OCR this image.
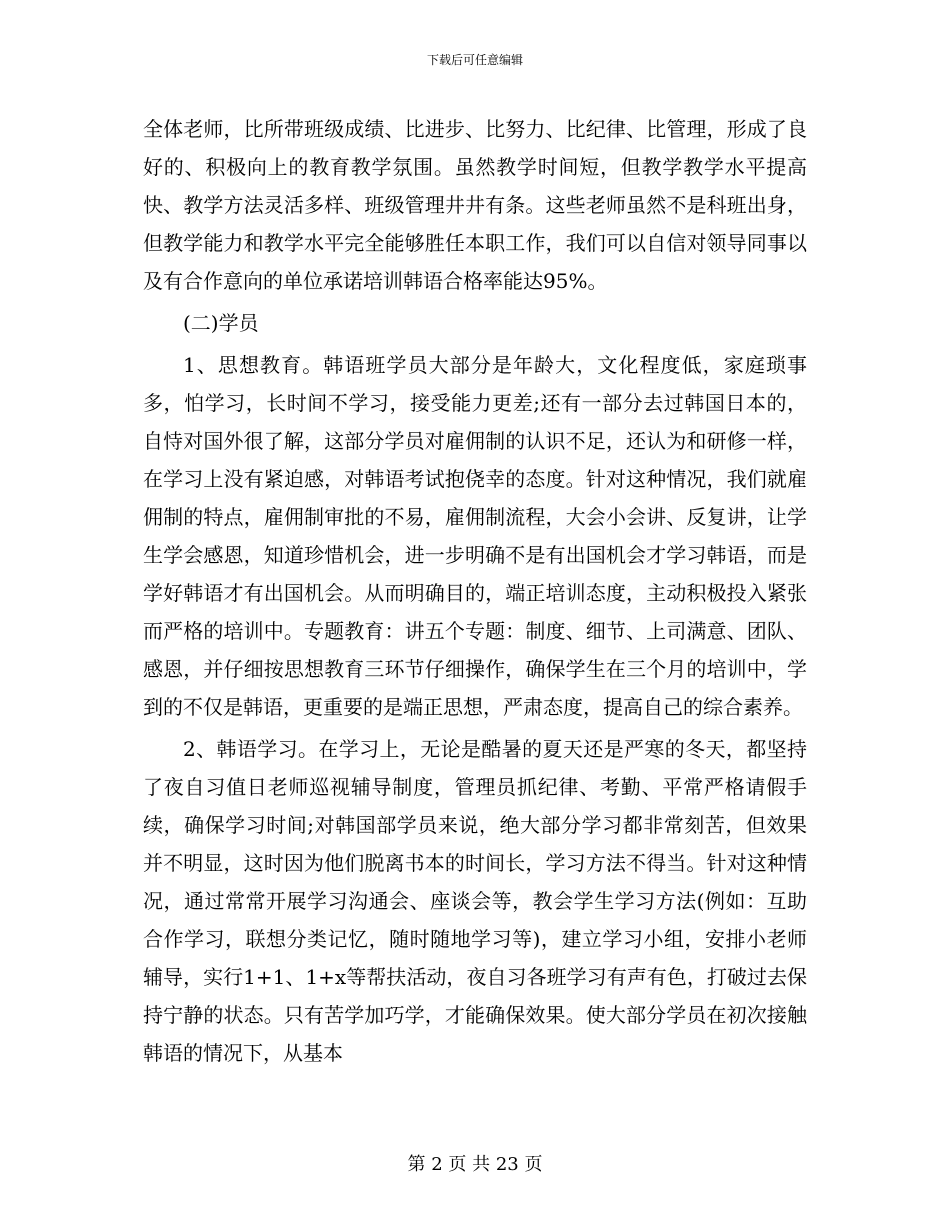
下载后可任意编辑

全体老师，比所带班级成绩、比进步、比努力、比纪律、比管理，形成了良好的、积极向上的教育教学氛围。虽然教学时间短，但教学教学水平提高快、教学方法灵活多样、班级管理井井有条。这些老师虽然不是科班出身，但教学能力和教学水平完全能够胜任本职工作，我们可以自信对领导同事以及有合作意向的单位承诺培训韩语合格率能达95%。

(二)学员

1、思想教育。韩语班学员大部分是年龄大，文化程度低，家庭琐事多，怕学习，长时间不学习，接受能力更差;还有一部分去过韩国日本的，自恃对国外很了解，这部分学员对雇佣制的认识不足，还认为和研修一样，在学习上没有紧迫感，对韩语考试抱侥幸的态度。针对这种情况，我们就雇佣制的特点，雇佣制审批的不易，雇佣制流程，大会小会讲、反复讲，让学生学会感恩，知道珍惜机会，进一步明确不是有出国机会才学习韩语，而是学好韩语才有出国机会。从而明确目的，端正培训态度，主动积极投入紧张而严格的培训中。专题教育：讲五个专题：制度、细节、上司满意、团队、感恩，并仔细按思想教育三环节仔细操作，确保学生在三个月的培训中，学到的不仅是韩语，更重要的是端正思想，严肃态度，提高自己的综合素养。

2、韩语学习。在学习上，无论是酷暑的夏天还是严寒的冬天，都坚持了夜自习值日老师巡视辅导制度，管理员抓纪律、考勤、平常严格请假手续，确保学习时间;对韩国部学员来说，绝大部分学习都非常刻苦，但效果并不明显，这时因为他们脱离书本的时间长，学习方法不得当。针对这种情况，通过常常开展学习沟通会、座谈会等，教会学生学习方法(例如：互助合作学习，联想分类记忆，随时随地学习等)，建立学习小组，安排小老师辅导，实行1+1、1+x等帮扶活动，夜自习各班学习有声有色，打破过去保持宁静的状态。只有苦学加巧学，才能确保效果。使大部分学员在初次接触韩语的情况下，从基本

第 2 页 共 23 页
